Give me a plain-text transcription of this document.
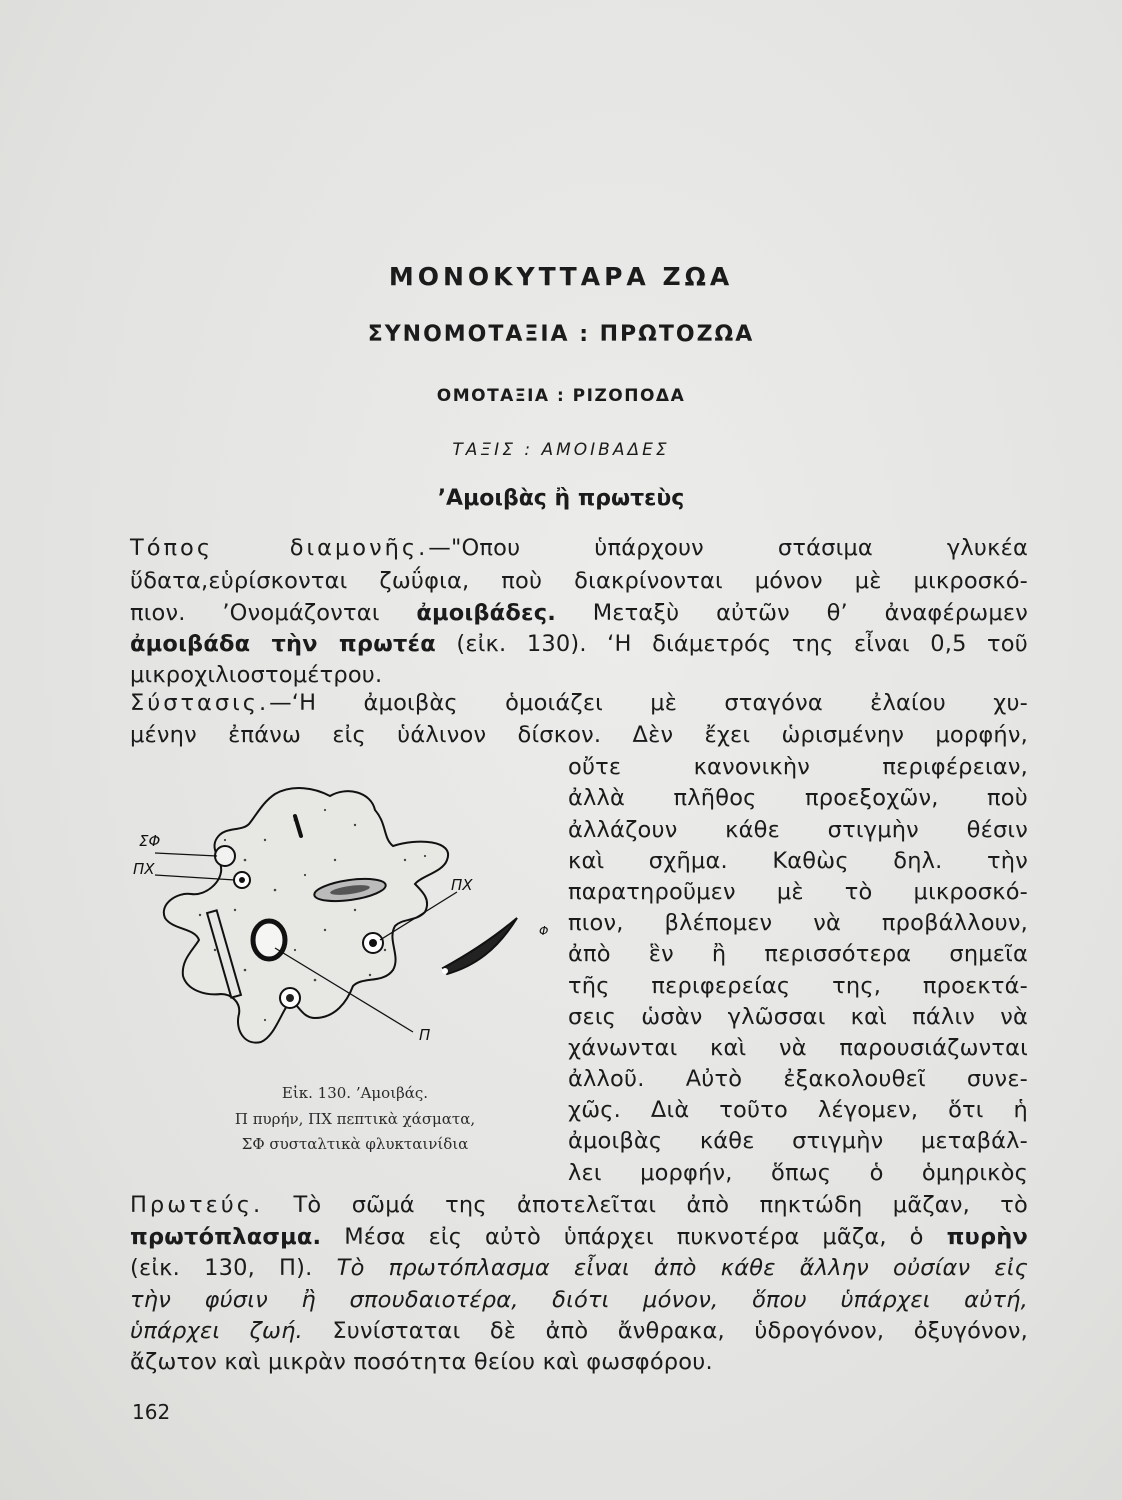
ΜΟΝΟΚΥΤΤΑΡΑ ΖΩΑ
ΣΥΝΟΜΟΤΑΞΙΑ : ΠΡΩΤΟΖΩΑ
ΟΜΟΤΑΞΙΑ : ΡΙΖΟΠΟΔΑ
ΤΑΞΙΣ : ΑΜΟΙΒΑΔΕΣ
’Αμοιβὰς ἢ πρωτεὺς
Τόπος διαμονῆς.—"Οπου ὑπάρχουν στάσιμα γλυκέα
ὕδατα,εὑρίσκονται ζωΰφια, ποὺ διακρίνονται μόνον μὲ μικροσκό-
πιον. ’Ονομάζονται ἀμοιβάδες. Μεταξὺ αὐτῶν θ’ ἀναφέρωμεν
ἀμοιβάδα τὴν πρωτέα (εἰκ. 130). ‘Η διάμετρός της εἶναι 0,5 τοῦ
μικροχιλιοστομέτρου.
Σύστασις.—‘Η ἀμοιβὰς ὁμοιάζει μὲ σταγόνα ἐλαίου χυ-
μένην ἐπάνω εἰς ὑάλινον δίσκον. Δὲν ἔχει ὡρισμένην μορφήν,
οὔτε κανονικὴν περιφέρειαν,
ἀλλὰ πλῆθος προεξοχῶν, ποὺ
ἀλλάζουν κάθε στιγμὴν θέσιν
καὶ σχῆμα. Καθὼς δηλ. τὴν
παρατηροῦμεν μὲ τὸ μικροσκό-
πιον, βλέπομεν νὰ προβάλλουν,
ἀπὸ ἓν ἢ περισσότερα σημεῖα
τῆς περιφερείας της, προεκτά-
σεις ὡσὰν γλῶσσαι καὶ πάλιν νὰ
χάνωνται καὶ νὰ παρουσιάζωνται
ἀλλοῦ. Αὐτὸ ἐξακολουθεῖ συνε-
χῶς. Διὰ τοῦτο λέγομεν, ὅτι ἡ
ἀμοιβὰς κάθε στιγμὴν μεταβάλ-
λει μορφήν, ὅπως ὁ ὁμηρικὸς
Πρωτεύς. Τὸ σῶμά της ἀποτελεῖται ἀπὸ πηκτώδη μᾶζαν, τὸ
πρωτόπλασμα. Μέσα εἰς αὐτὸ ὑπάρχει πυκνοτέρα μᾶζα, ὁ πυρὴν
(εἰκ. 130, Π). Τὸ πρωτόπλασμα εἶναι ἀπὸ κάθε ἄλλην οὐσίαν εἰς
τὴν φύσιν ἢ σπουδαιοτέρα, διότι μόνον, ὅπου ὑπάρχει αὐτή,
ὑπάρχει ζωή. Συνίσταται δὲ ἀπὸ ἄνθρακα, ὑδρογόνον, ὀξυγόνον,
ἄζωτον καὶ μικρὰν ποσότητα θείου καὶ φωσφόρου.
ΣΦ
ΠΧ
ΠΧ
Π
Φ
Εἰκ. 130. ’Αμοιβάς.
Π πυρήν, ΠΧ πεπτικὰ χάσματα,
ΣΦ συσταλτικὰ φλυκταινίδια
162
